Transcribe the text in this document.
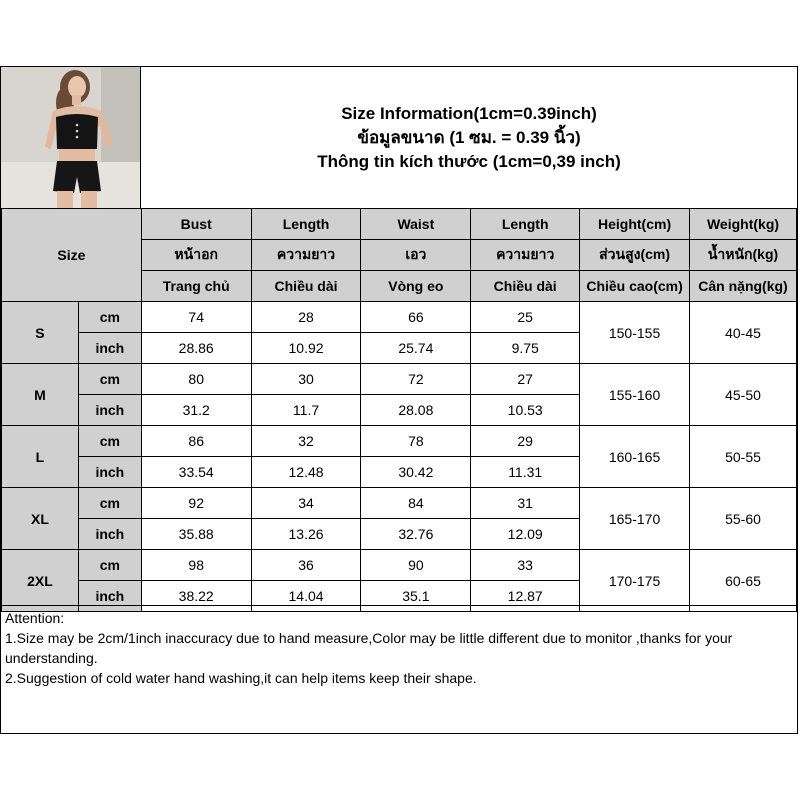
Size Information(1cm=0.39inch)
ข้อมูลขนาด (1 ซม. = 0.39 นิ้ว)
Thông tin kích thước (1cm=0,39 inch)
Size		Bust	Length	Waist	Length	Height(cm)	Weight(kg)
		หน้าอก	ความยาว	เอว	ความยาว	ส่วนสูง(cm)	น้ำหนัก(kg)
		Trang chủ	Chiều dài	Vòng eo	Chiều dài	Chiều cao(cm)	Cân nặng(kg)
S	cm	74	28	66	25	150-155	40-45
	inch	28.86	10.92	25.74	9.75		
M	cm	80	30	72	27	155-160	45-50
	inch	31.2	11.7	28.08	10.53		
L	cm	86	32	78	29	160-165	50-55
	inch	33.54	12.48	30.42	11.31		
XL	cm	92	34	84	31	165-170	55-60
	inch	35.88	13.26	32.76	12.09		
2XL	cm	98	36	90	33	170-175	60-65
	inch	38.22	14.04	35.1	12.87		

Attention:

1.Size may be 2cm/1inch inaccuracy due to hand measure,Color may be little different due to monitor ,thanks for your understanding.

2.Suggestion of cold water hand washing,it can help items keep their shape.
